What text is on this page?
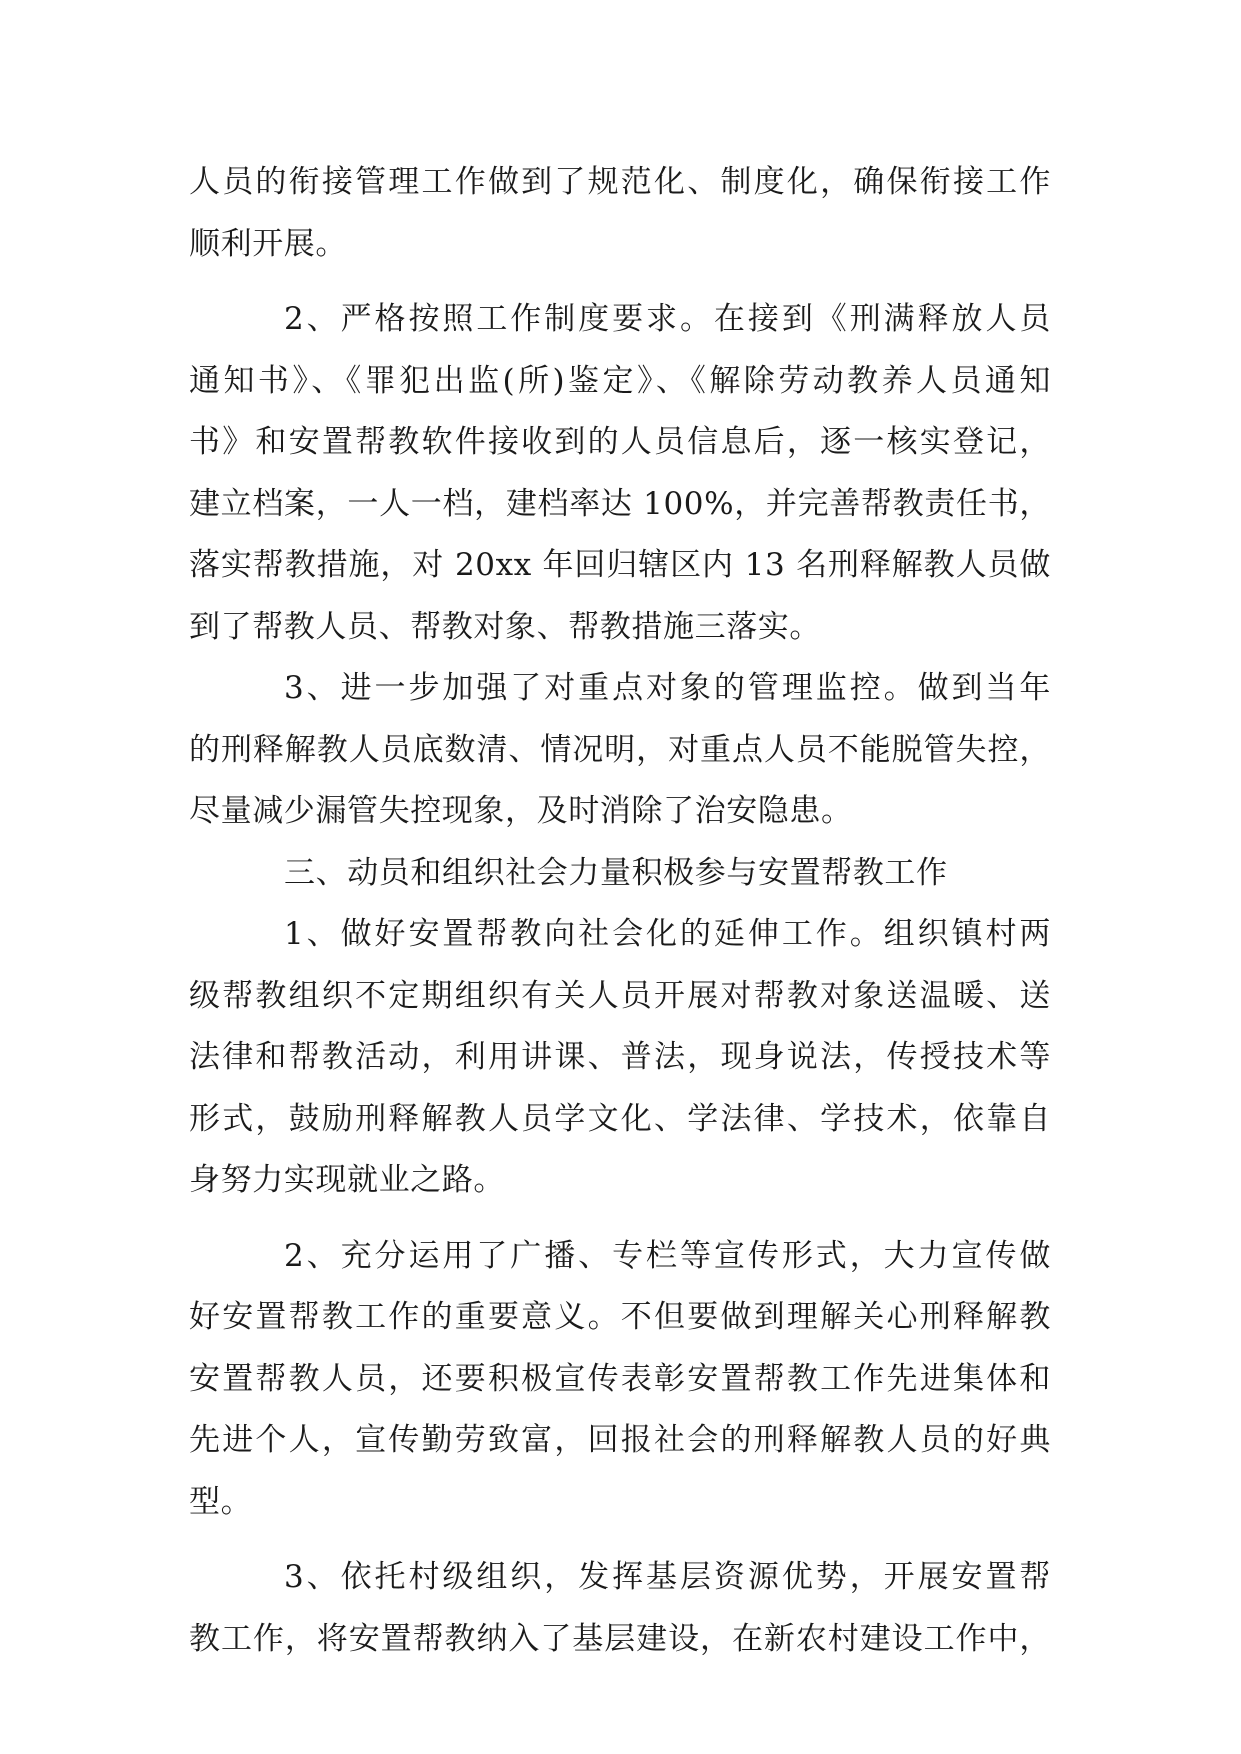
人员的衔接管理工作做到了规范化、制度化，确保衔接工作
顺利开展。
2、严格按照工作制度要求。在接到《刑满释放人员
通知书》、《罪犯出监(所)鉴定》、《解除劳动教养人员通知
书》和安置帮教软件接收到的人员信息后，逐一核实登记，
建立档案，一人一档，建档率达 100%，并完善帮教责任书，
落实帮教措施，对 20xx 年回归辖区内 13 名刑释解教人员做
到了帮教人员、帮教对象、帮教措施三落实。
3、进一步加强了对重点对象的管理监控。做到当年
的刑释解教人员底数清、情况明，对重点人员不能脱管失控，
尽量减少漏管失控现象，及时消除了治安隐患。
三、动员和组织社会力量积极参与安置帮教工作
1、做好安置帮教向社会化的延伸工作。组织镇村两
级帮教组织不定期组织有关人员开展对帮教对象送温暖、送
法律和帮教活动，利用讲课、普法，现身说法，传授技术等
形式，鼓励刑释解教人员学文化、学法律、学技术，依靠自
身努力实现就业之路。
2、充分运用了广播、专栏等宣传形式，大力宣传做
好安置帮教工作的重要意义。不但要做到理解关心刑释解教
安置帮教人员，还要积极宣传表彰安置帮教工作先进集体和
先进个人，宣传勤劳致富，回报社会的刑释解教人员的好典
型。
3、依托村级组织，发挥基层资源优势，开展安置帮
教工作，将安置帮教纳入了基层建设，在新农村建设工作中，
